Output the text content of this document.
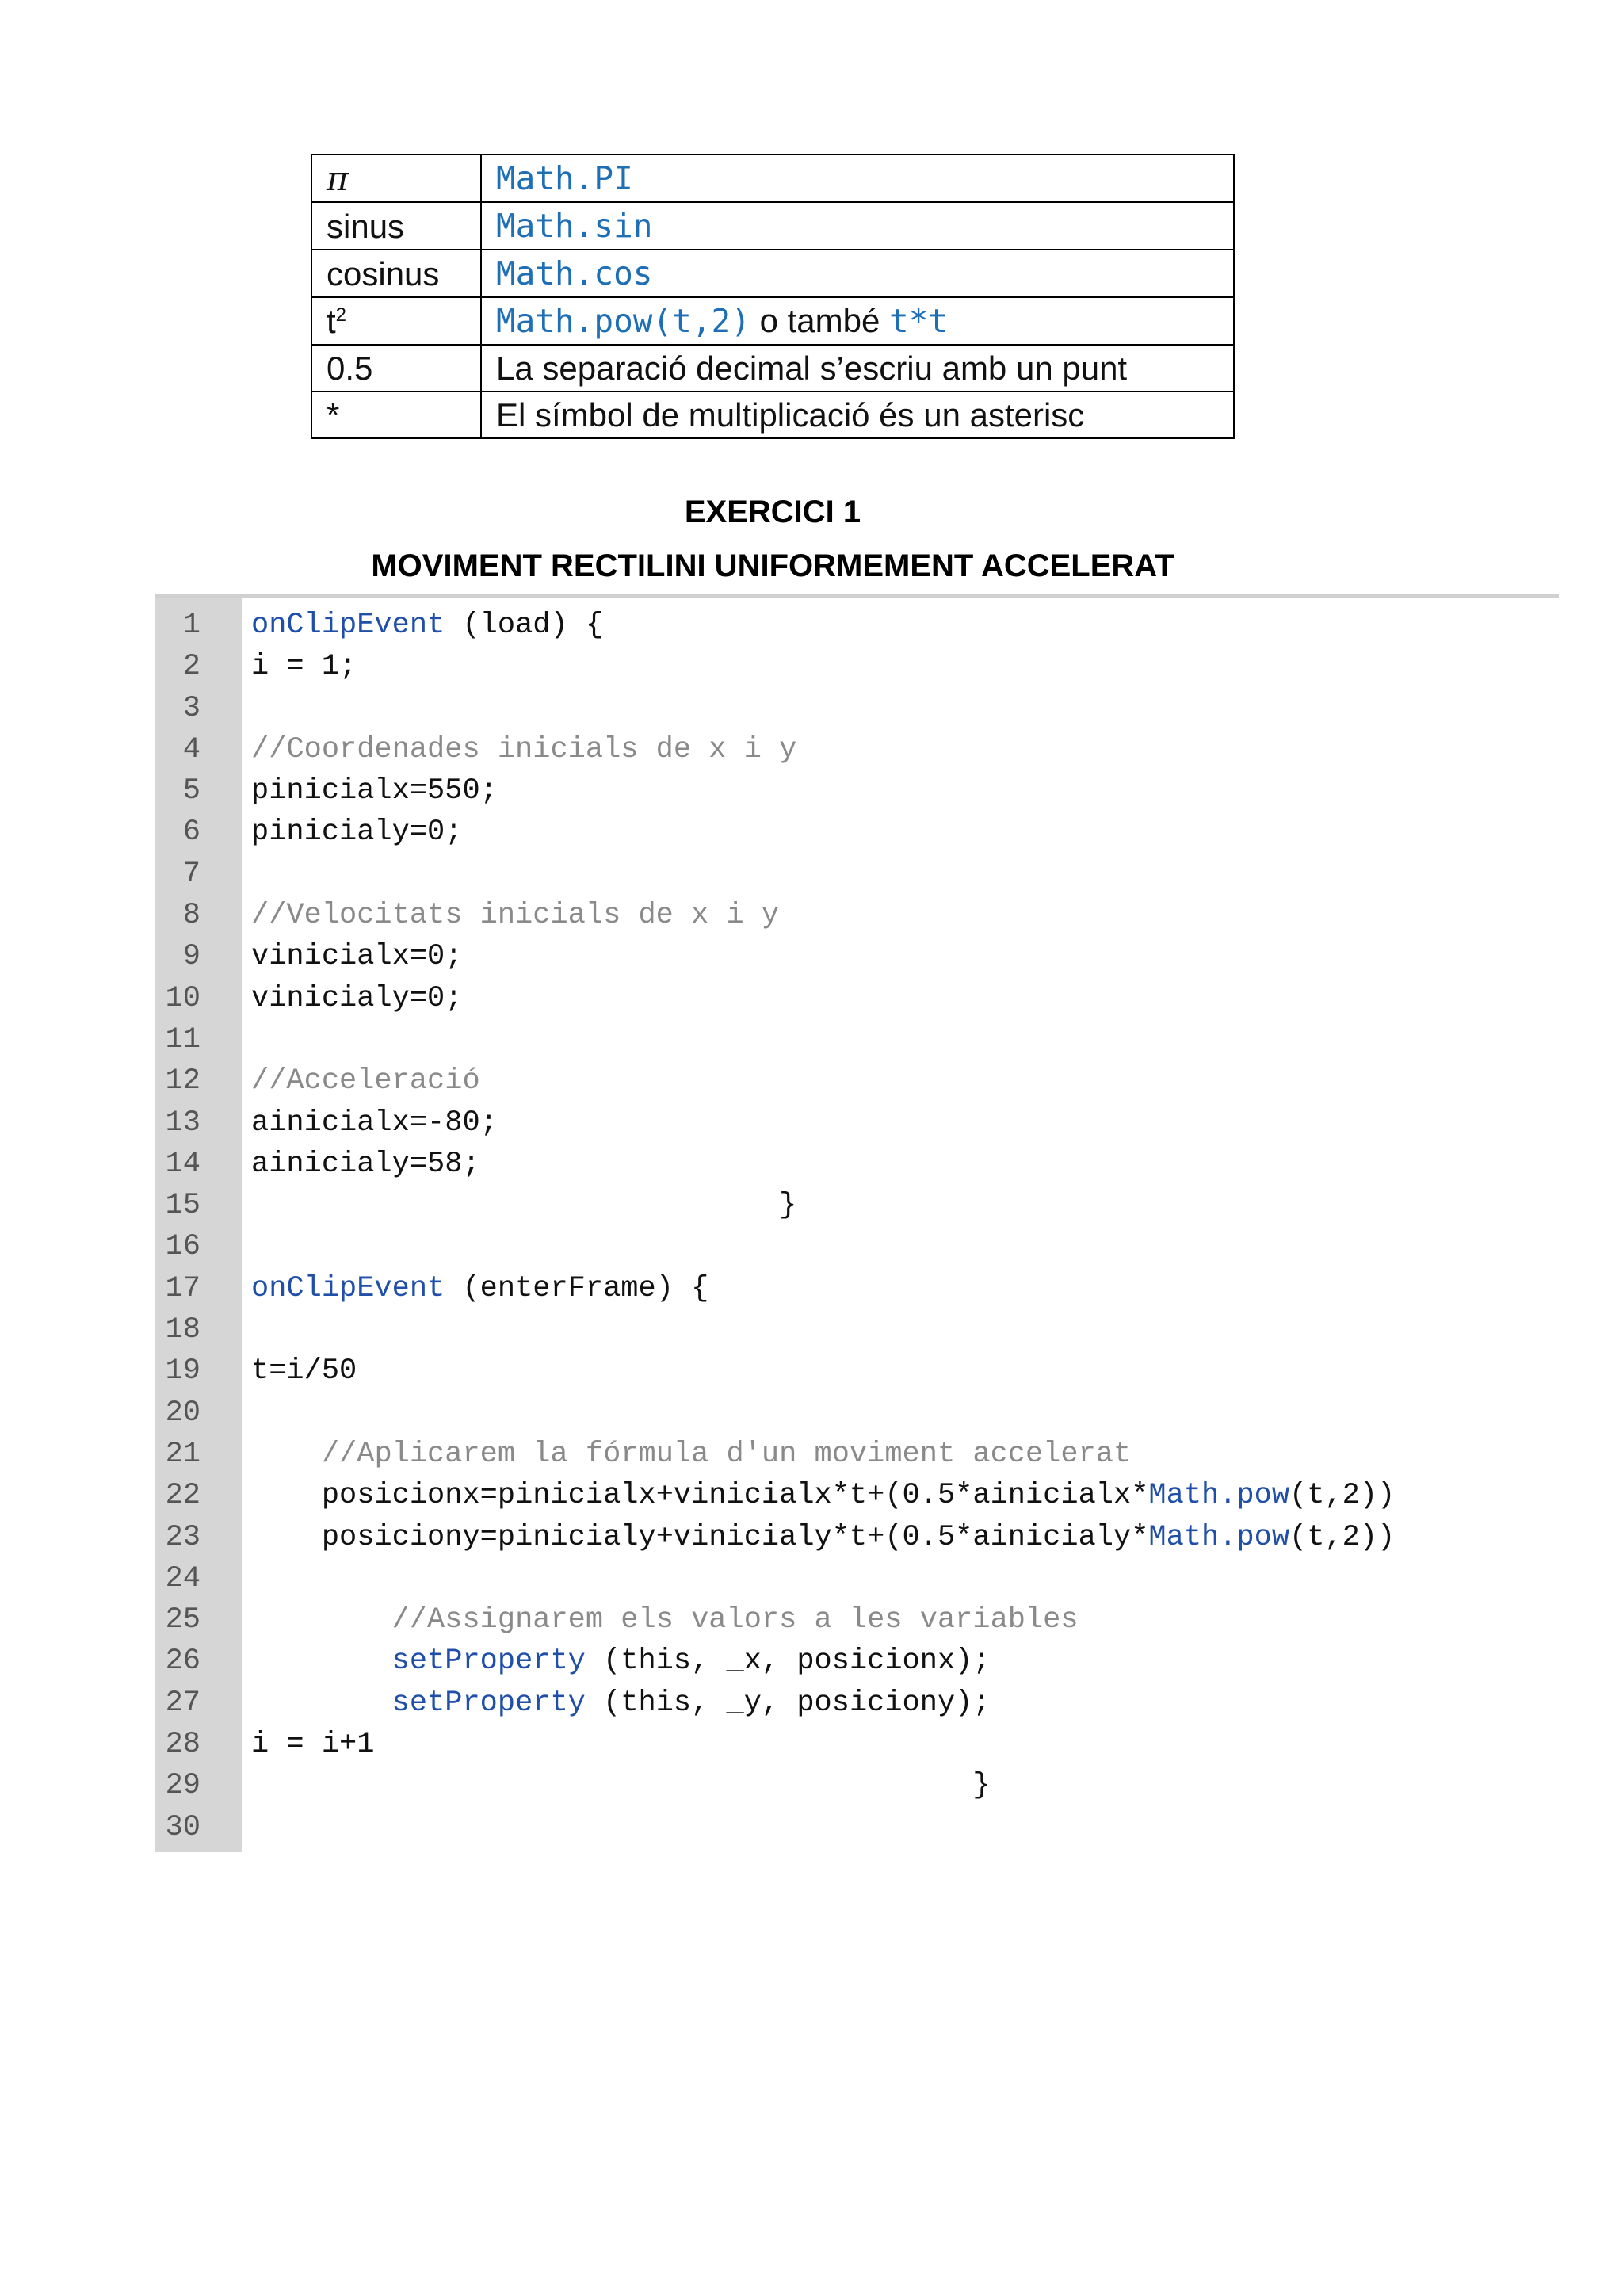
π	Math.PI
sinus	Math.sin
cosinus	Math.cos
$t^2$	Math.pow(t,2) o també t*t
0.5	La separació decimal s’escriu amb un punt
*	El símbol de multiplicació és un asterisc
EXERCICI 1
MOVIMENT RECTILINI UNIFORMEMENT ACCELERAT
1 onClipEvent (load) {
2 i = 1;
3
4 //Coordenades inicials de x i y
5 pinicialx=550;
6 pinicialy=0;
7
8 //Velocitats inicials de x i y
9 vinicialx=0;
10 vinicialy=0;
11
12 //Acceleració
13 ainicialx=-80;
14 ainicialy=58;
15 }
16
17 onClipEvent (enterFrame) {
18
19 t=i/50
20
21	//Aplicarem la fórmula d'un moviment accelerat
22	posicionx=pinicialx+vinicialx*t+(0.5*ainicialx*Math.pow(t,2))
23	posiciony=pinicialy+vinicialy*t+(0.5*ainicialy*Math.pow(t,2))
24
25	//Assignarem els valors a les variables
26	setProperty (this, _x, posicionx);
27	setProperty (this, _y, posiciony);
28 i = i+1
29 }
30
